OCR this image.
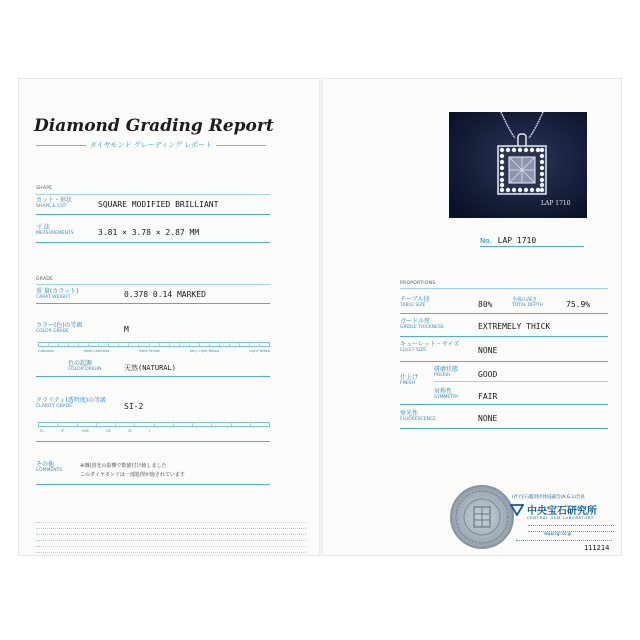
Diamond Grading Report
ダイヤモンド グレーディング レポート
SHAPE
カット・形状
SHAPE & CUT	SQUARE MODIFIED BRILLIANT
寸 法
MEASUREMENTS	3.81 × 3.78 × 2.87 MM
GRADE
重 量(カラット)
CARAT WEIGHT	0.378 0.14 MARKED
カラー(色)の等級
COLOR GRADE	M
Colorless	Near Colorless	Faint Yellow	Very Light Yellow	Light Yellow
色の起源
COLOR ORIGIN	天然(NATURAL)
クラリティ(透明度)の等級
CLARITY GRADE	SI-2
FL	IF	VVS	VS	SI	I
その他
COMMENTS
※(B)蛍光の影響で数値付け致しました
このダイヤモンドは一部処理が施されています
LAP 1710
No. LAP 1710
PROPORTIONS
テーブル径
TABLE SIZE	80%	全体の深さ
TOTAL DEPTH	75.9%
ガードル厚
GIRDLE THICKNESS	EXTREMELY THICK
キューレット・サイズ
CULET SIZE	NONE
仕上げ
FINISH
研磨状態
POLISH	GOOD
対称性
SYMMETRY FAIR
蛍光性
FLUORESCENCE	NONE
(社)宝石鑑別団体協議会(A.G.L)会員
中央宝石研究所
CENTRAL GEM LABORATORY
www.cgl.co.jp
111214
